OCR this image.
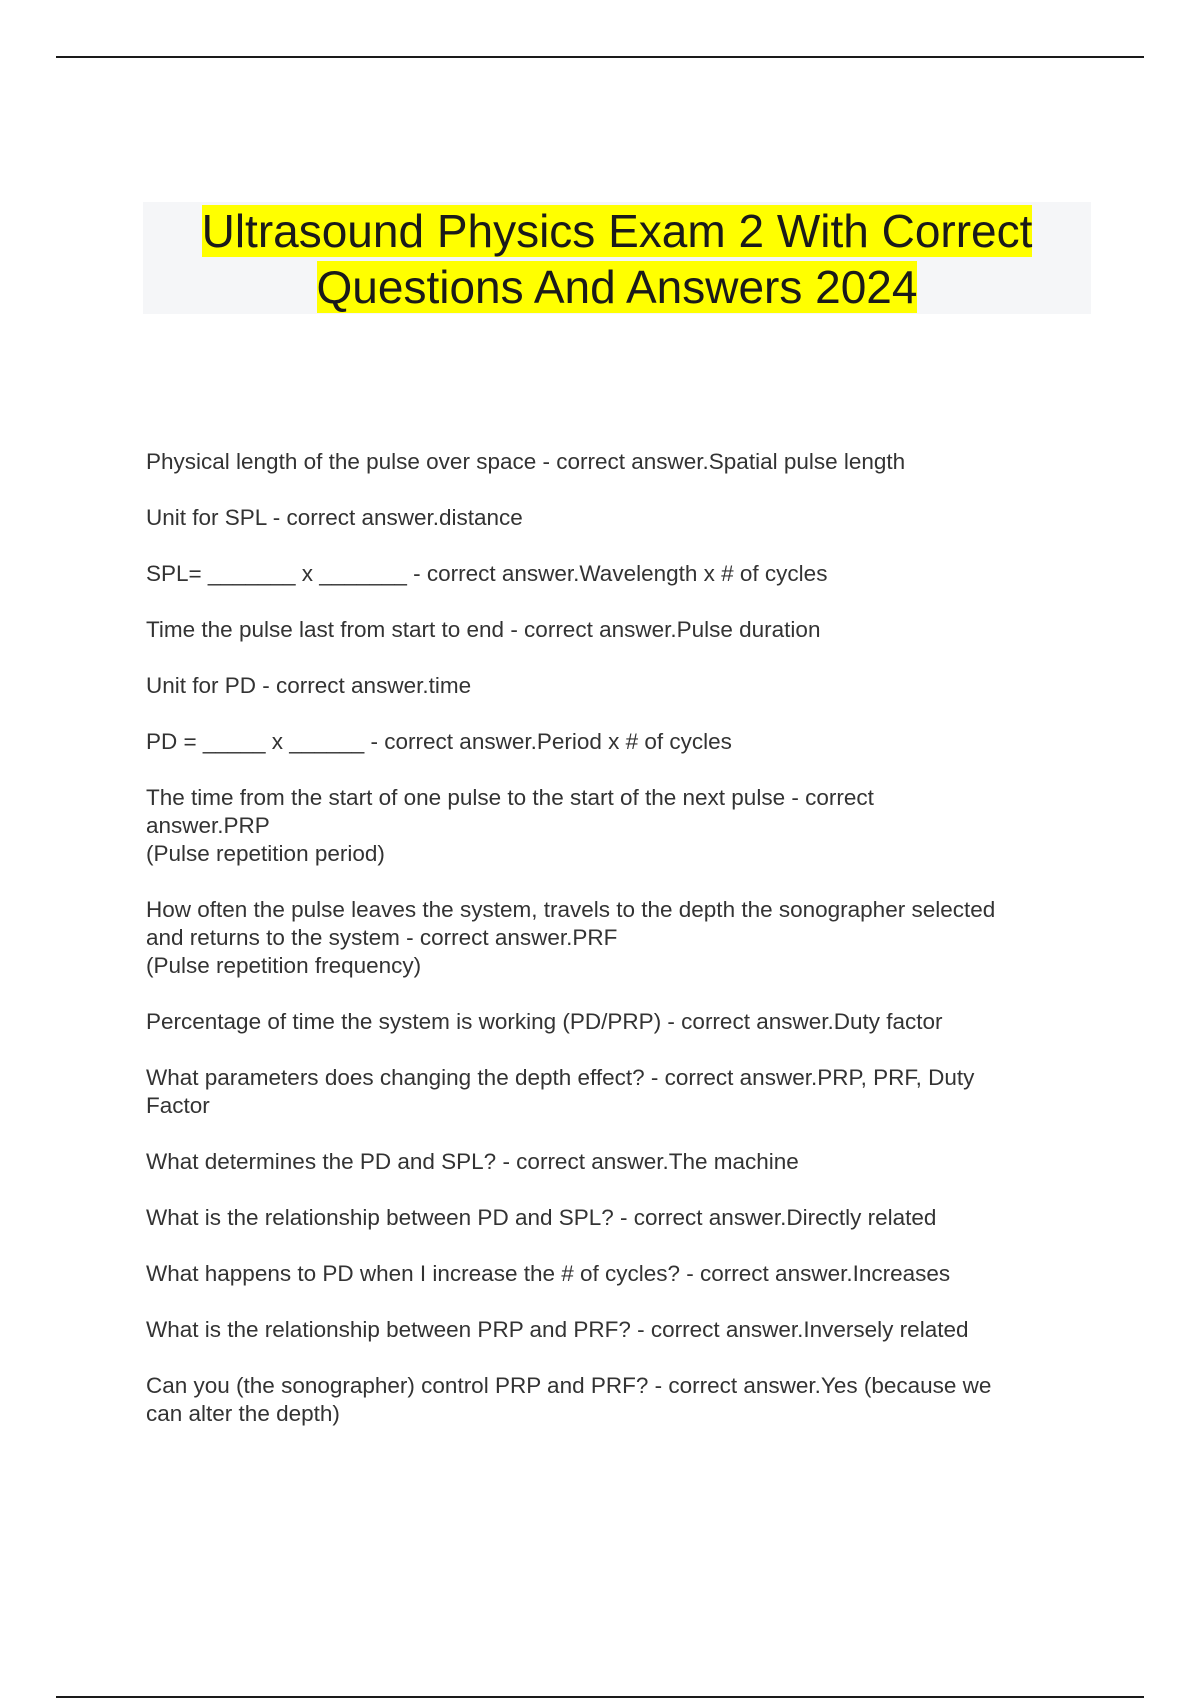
Ultrasound Physics Exam 2 With Correct
Questions And Answers 2024
Physical length of the pulse over space - correct answer.Spatial pulse length
Unit for SPL - correct answer.distance
SPL= _______ x _______ - correct answer.Wavelength x # of cycles
Time the pulse last from start to end - correct answer.Pulse duration
Unit for PD - correct answer.time
PD = _____ x ______ - correct answer.Period x # of cycles
The time from the start of one pulse to the start of the next pulse - correct
answer.PRP
(Pulse repetition period)
How often the pulse leaves the system, travels to the depth the sonographer selected
and returns to the system - correct answer.PRF
(Pulse repetition frequency)
Percentage of time the system is working (PD/PRP) - correct answer.Duty factor
What parameters does changing the depth effect? - correct answer.PRP, PRF, Duty
Factor
What determines the PD and SPL? - correct answer.The machine
What is the relationship between PD and SPL? - correct answer.Directly related
What happens to PD when I increase the # of cycles? - correct answer.Increases
What is the relationship between PRP and PRF? - correct answer.Inversely related
Can you (the sonographer) control PRP and PRF? - correct answer.Yes (because we
can alter the depth)
